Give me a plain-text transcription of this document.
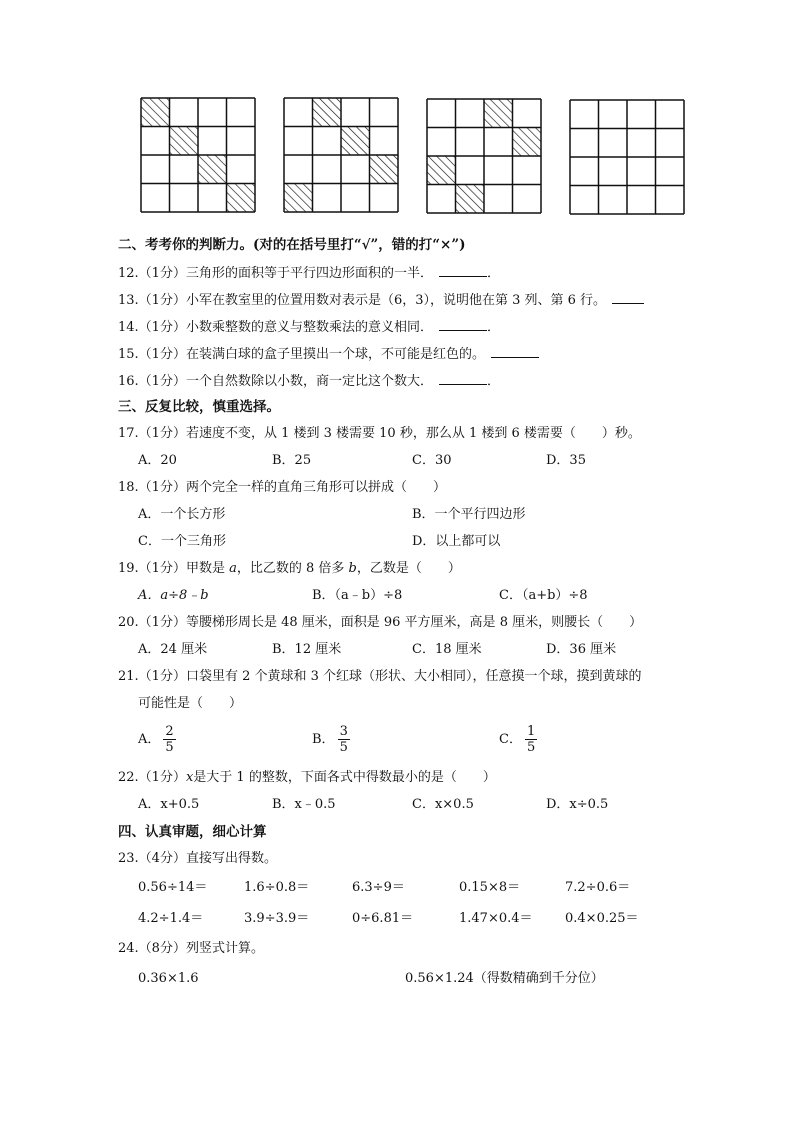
二、考考你的判断力。(对的在括号里打“√”，错的打“×”)
12.（1分）三角形的面积等于平行四边形面积的一半．	．
13.（1分）小军在教室里的位置用数对表示是（6，3），说明他在第 3 列、第 6 行。
14.（1分）小数乘整数的意义与整数乘法的意义相同．	．
15.（1分）在装满白球的盒子里摸出一个球，不可能是红色的。
16.（1分）一个自然数除以小数，商一定比这个数大．	．
三、反复比较，慎重选择。
17.（1分）若速度不变，从 1 楼到 3 楼需要 10 秒，那么从 1 楼到 6 楼需要（　　）秒。
A．20	B．25	C．30	D．35
18.（1分）两个完全一样的直角三角形可以拼成（　　）
A．一个长方形	B．一个平行四边形
C．一个三角形	D．以上都可以
19.（1分）甲数是 a，比乙数的 8 倍多 b，乙数是（　　）
A．a÷8﹣b	B．（a﹣b）÷8	C．（a+b）÷8
20.（1分）等腰梯形周长是 48 厘米，面积是 96 平方厘米，高是 8 厘米，则腰长（　　）
A．24 厘米	B．12 厘米	C．18 厘米	D．36 厘米
21.（1分）口袋里有 2 个黄球和 3 个红球（形状、大小相同），任意摸一个球，摸到黄球的
可能性是（　　）
A． $\frac{2}{5}$	B． $\frac{3}{5}$	C． $\frac{1}{5}$
22.（1分）x是大于 1 的整数，下面各式中得数最小的是（　　）
A．x+0.5	B．x﹣0.5	C．x×0.5	D．x÷0.5
四、认真审题，细心计算
23.（4分）直接写出得数。
0.56÷14＝	1.6÷0.8＝	6.3÷9＝	0.15×8＝	7.2÷0.6＝
4.2÷1.4＝	3.9÷3.9＝	0÷6.81＝	1.47×0.4＝ 0.4×0.25＝
24.（8分）列竖式计算。
0.36×1.6	0.56×1.24（得数精确到千分位）
